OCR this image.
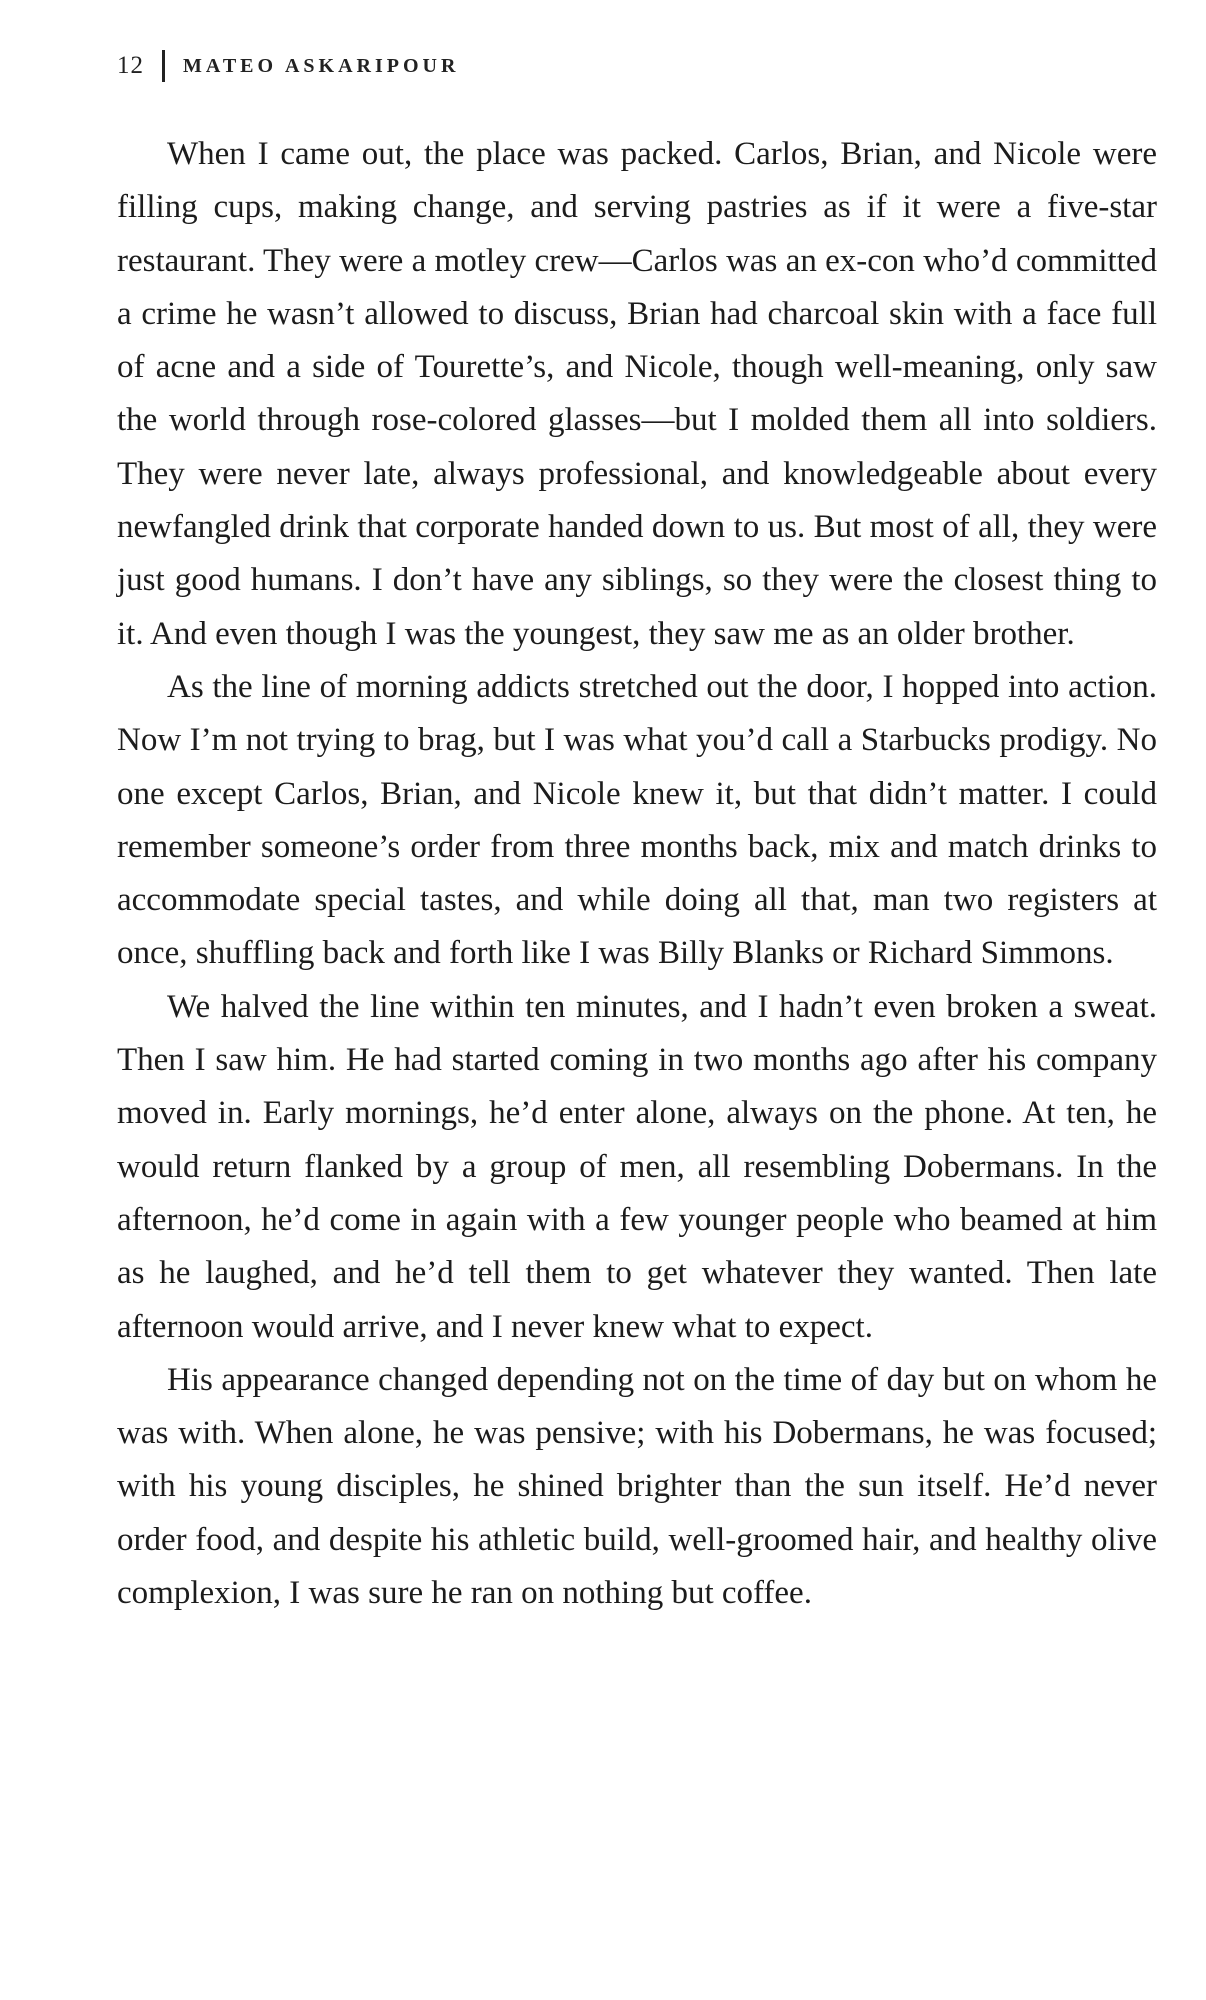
12 MATEO ASKARIPOUR

When I came out, the place was packed. Carlos, Brian, and Nicole were filling cups, making change, and serving pastries as if it were a five-star restaurant. They were a motley crew—Carlos was an ex-con who’d committed a crime he wasn’t allowed to discuss, Brian had charcoal skin with a face full of acne and a side of Tourette’s, and Nicole, though well-meaning, only saw the world through rose-colored glasses—but I molded them all into soldiers. They were never late, always professional, and knowledgeable about every newfangled drink that corporate handed down to us. But most of all, they were just good humans. I don’t have any siblings, so they were the closest thing to it. And even though I was the youngest, they saw me as an older brother.

As the line of morning addicts stretched out the door, I hopped into action. Now I’m not trying to brag, but I was what you’d call a Starbucks prodigy. No one except Carlos, Brian, and Nicole knew it, but that didn’t matter. I could remember someone’s order from three months back, mix and match drinks to accommodate special tastes, and while doing all that, man two registers at once, shuffling back and forth like I was Billy Blanks or Richard Simmons.

We halved the line within ten minutes, and I hadn’t even broken a sweat. Then I saw him. He had started coming in two months ago after his company moved in. Early mornings, he’d enter alone, always on the phone. At ten, he would return flanked by a group of men, all resembling Dobermans. In the afternoon, he’d come in again with a few younger people who beamed at him as he laughed, and he’d tell them to get whatever they wanted. Then late afternoon would arrive, and I never knew what to expect.

His appearance changed depending not on the time of day but on whom he was with. When alone, he was pensive; with his Dobermans, he was focused; with his young disciples, he shined brighter than the sun itself. He’d never order food, and despite his athletic build, well-groomed hair, and healthy olive complexion, I was sure he ran on nothing but coffee.
